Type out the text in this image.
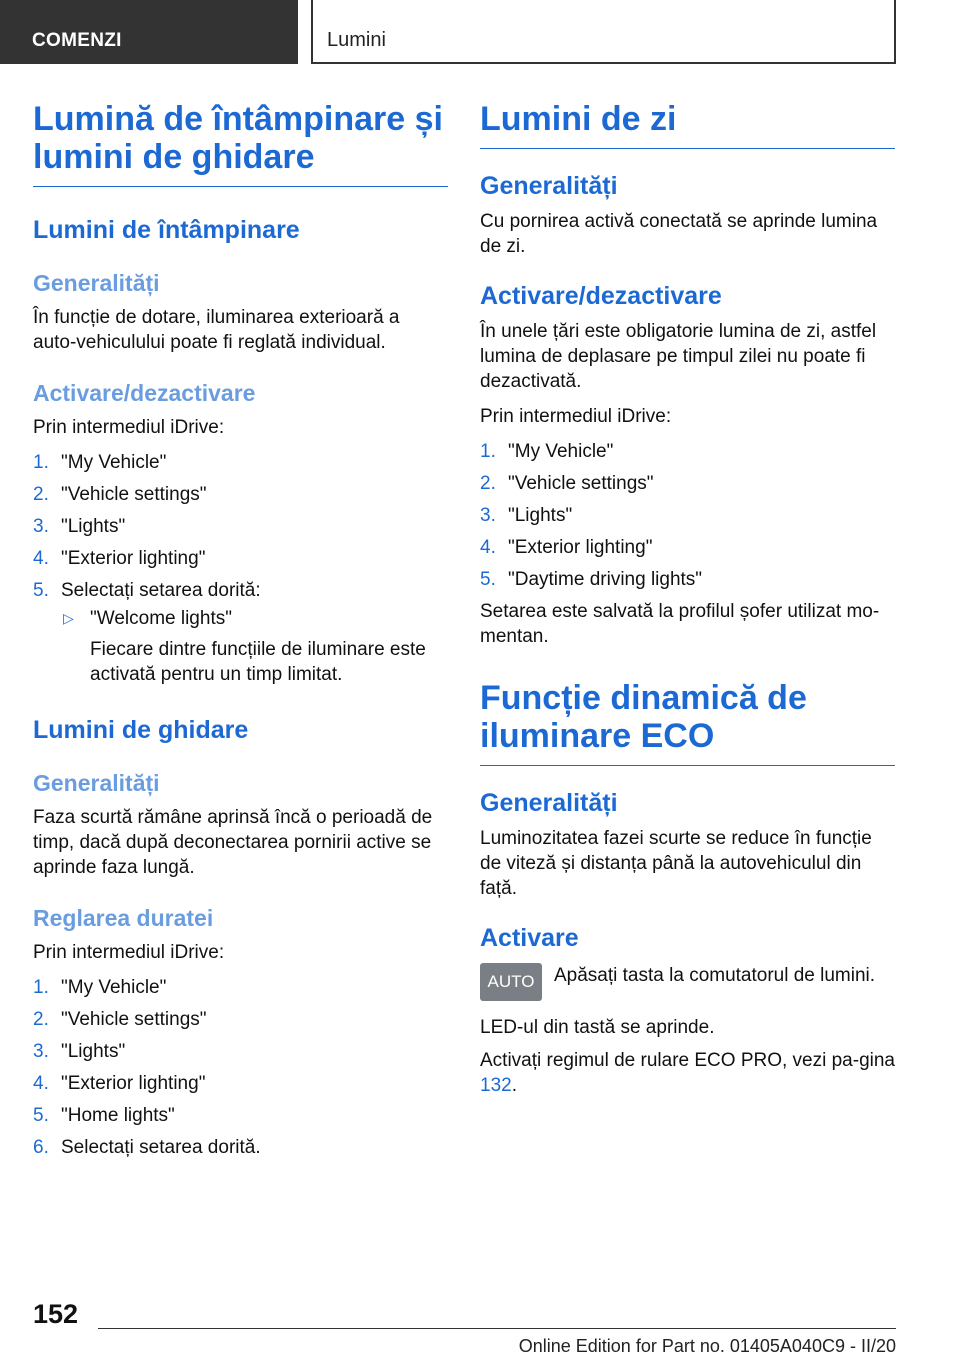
COMENZI	Lumini
Lumină de întâmpinare și lumini de ghidare
Lumini de întâmpinare
Generalități

În funcție de dotare, iluminarea exterioară a auto-vehiculului poate fi reglată individual.

Activare/dezactivare

Prin intermediul iDrive:

1. "My Vehicle"
2. "Vehicle settings"
3. "Lights"
4. "Exterior lighting"
5. Selectați setarea dorită:
▷ "Welcome lights"
Fiecare dintre funcțiile de iluminare este activată pentru un timp limitat.
Lumini de ghidare
Generalități

Faza scurtă rămâne aprinsă încă o perioadă de timp, dacă după deconectarea pornirii active se aprinde faza lungă.

Reglarea duratei

Prin intermediul iDrive:

1. "My Vehicle"
2. "Vehicle settings"
3. "Lights"
4. "Exterior lighting"
5. "Home lights"
6. Selectați setarea dorită.
Lumini de zi
Generalități

Cu pornirea activă conectată se aprinde lumina de zi.

Activare/dezactivare

În unele țări este obligatorie lumina de zi, astfel lumina de deplasare pe timpul zilei nu poate fi dezactivată.

Prin intermediul iDrive:

1. "My Vehicle"
2. "Vehicle settings"
3. "Lights"
4. "Exterior lighting"
5. "Daytime driving lights"

Setarea este salvată la profilul șofer utilizat mo-mentan.

Funcție dinamică de iluminare ECO
Generalități

Luminozitatea fazei scurte se reduce în funcție de viteză și distanța până la autovehiculul din față.

Activare
AUTO	Apăsați tasta la comutatorul de lumini.

LED-ul din tastă se aprinde.

Activați regimul de rulare ECO PRO, vezi pa-gina 132.

152
Online Edition for Part no. 01405A040C9 - II/20
